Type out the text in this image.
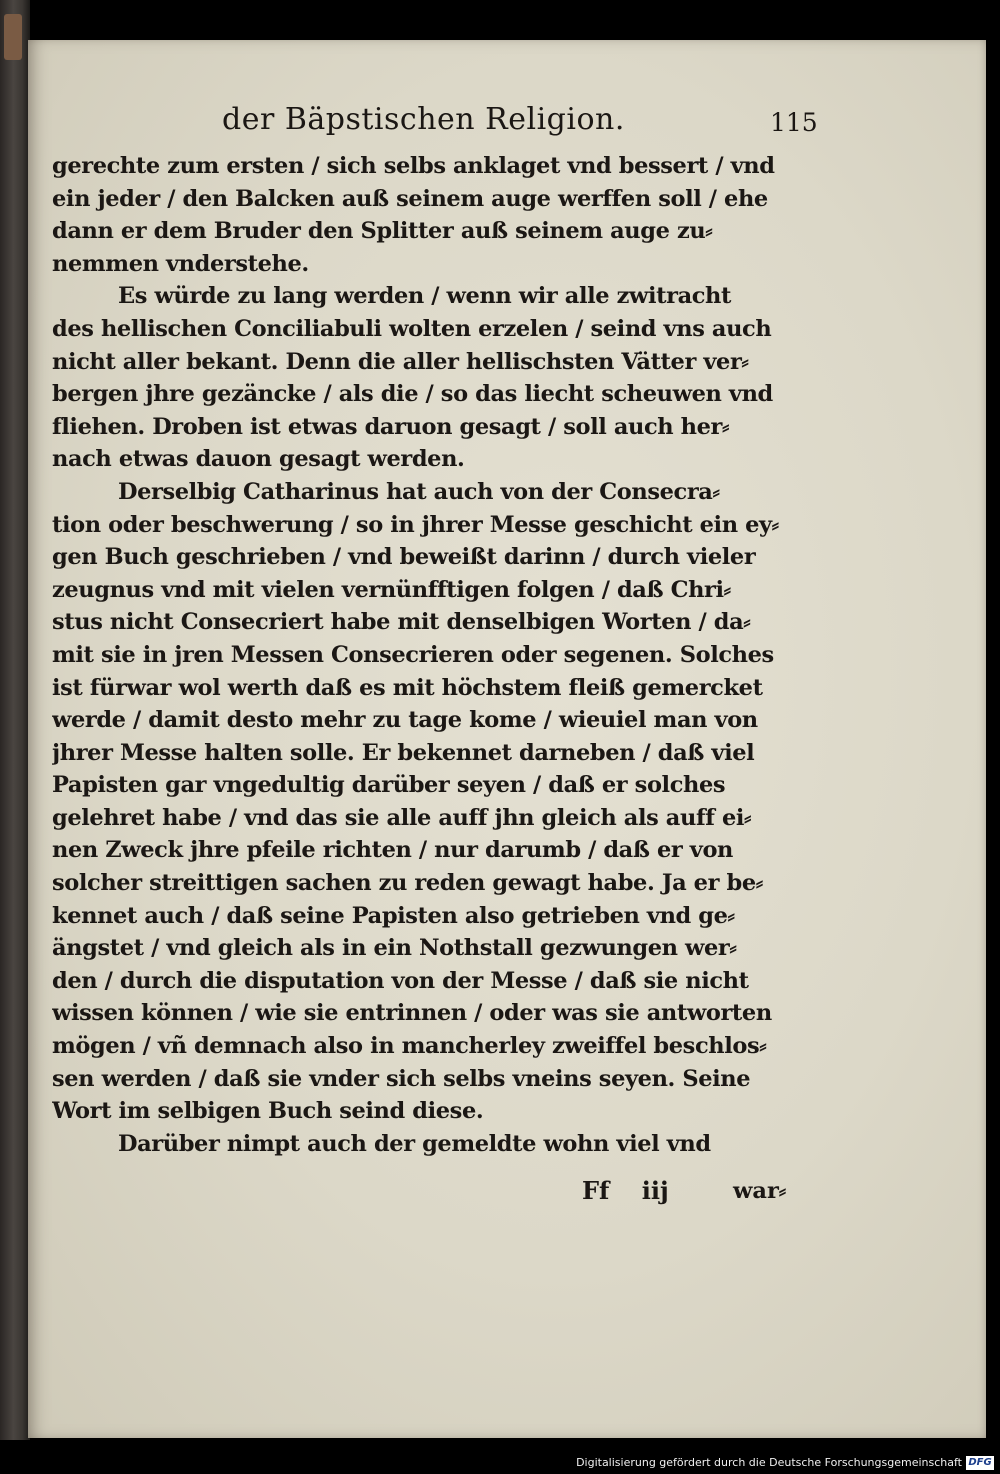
der Bäpstischen Religion.	115
gerechte zum ersten / sich selbs anklaget vnd bessert / vnd
ein jeder / den Balcken auß seinem auge werffen soll / ehe
dann er dem Bruder den Splitter auß seinem auge zu⸗
nemmen vnderstehe.
Es würde zu lang werden / wenn wir alle zwitracht
des hellischen Conciliabuli wolten erzelen / seind vns auch
nicht aller bekant. Denn die aller hellischsten Vätter ver⸗
bergen jhre gezäncke / als die / so das liecht scheuwen vnd
fliehen. Droben ist etwas daruon gesagt / soll auch her⸗
nach etwas dauon gesagt werden.
Derselbig Catharinus hat auch von der Consecra⸗
tion oder beschwerung / so in jhrer Messe geschicht ein ey⸗
gen Buch geschrieben / vnd beweißt darinn / durch vieler
zeugnus vnd mit vielen vernünfftigen folgen / daß Chri⸗
stus nicht Consecriert habe mit denselbigen Worten / da⸗
mit sie in jren Messen Consecrieren oder segenen. Solches
ist fürwar wol werth daß es mit höchstem fleiß gemercket
werde / damit desto mehr zu tage kome / wieuiel man von
jhrer Messe halten solle. Er bekennet darneben / daß viel
Papisten gar vngedultig darüber seyen / daß er solches
gelehret habe / vnd das sie alle auff jhn gleich als auff ei⸗
nen Zweck jhre pfeile richten / nur darumb / daß er von
solcher streittigen sachen zu reden gewagt habe. Ja er be⸗
kennet auch / daß seine Papisten also getrieben vnd ge⸗
ängstet / vnd gleich als in ein Nothstall gezwungen wer⸗
den / durch die disputation von der Messe / daß sie nicht
wissen können / wie sie entrinnen / oder was sie antworten
mögen / vñ demnach also in mancherley zweiffel beschlos⸗
sen werden / daß sie vnder sich selbs vneins seyen. Seine
Wort im selbigen Buch seind diese.
Darüber nimpt auch der gemeldte wohn viel vnd
Ff iij	war⸗
Digitalisierung gefördert durch die Deutsche Forschungsgemeinschaft DFG
